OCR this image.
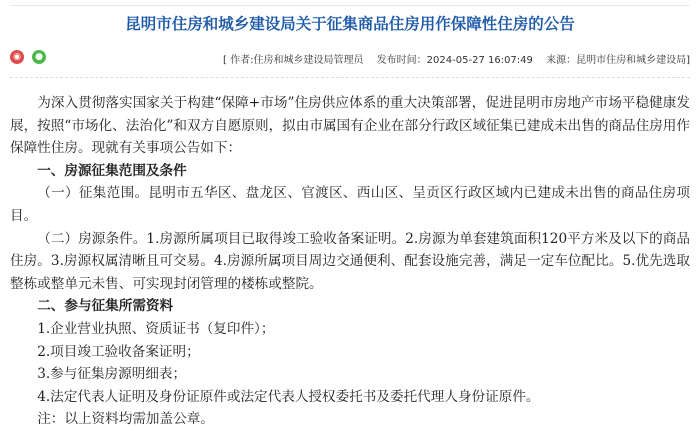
昆明市住房和城乡建设局关于征集商品住房用作保障性住房的公告
◉	●	[ 作者:住房和城乡建设局管理员 发布时间：2024-05-27 16:07:49 来源：昆明市住房和城乡建设局]

为深入贯彻落实国家关于构建“保障+市场”住房供应体系的重大决策部署，促进昆明市房地产市场平稳健康发展，按照“市场化、法治化”和双方自愿原则，拟由市属国有企业在部分行政区域征集已建成未出售的商品住房用作保障性住房。现就有关事项公告如下：

一、房源征集范围及条件

（一）征集范围。昆明市五华区、盘龙区、官渡区、西山区、呈贡区行政区域内已建成未出售的商品住房项目。

（二）房源条件。1.房源所属项目已取得竣工验收备案证明。2.房源为单套建筑面积120平方米及以下的商品住房。3.房源权属清晰且可交易。4.房源所属项目周边交通便利、配套设施完善，满足一定车位配比。5.优先选取整栋或整单元未售、可实现封闭管理的楼栋或整院。

二、参与征集所需资料

1.企业营业执照、资质证书（复印件）；

2.项目竣工验收备案证明；

3.参与征集房源明细表；

4.法定代表人证明及身份证原件或法定代表人授权委托书及委托代理人身份证原件。

注：以上资料均需加盖公章。
